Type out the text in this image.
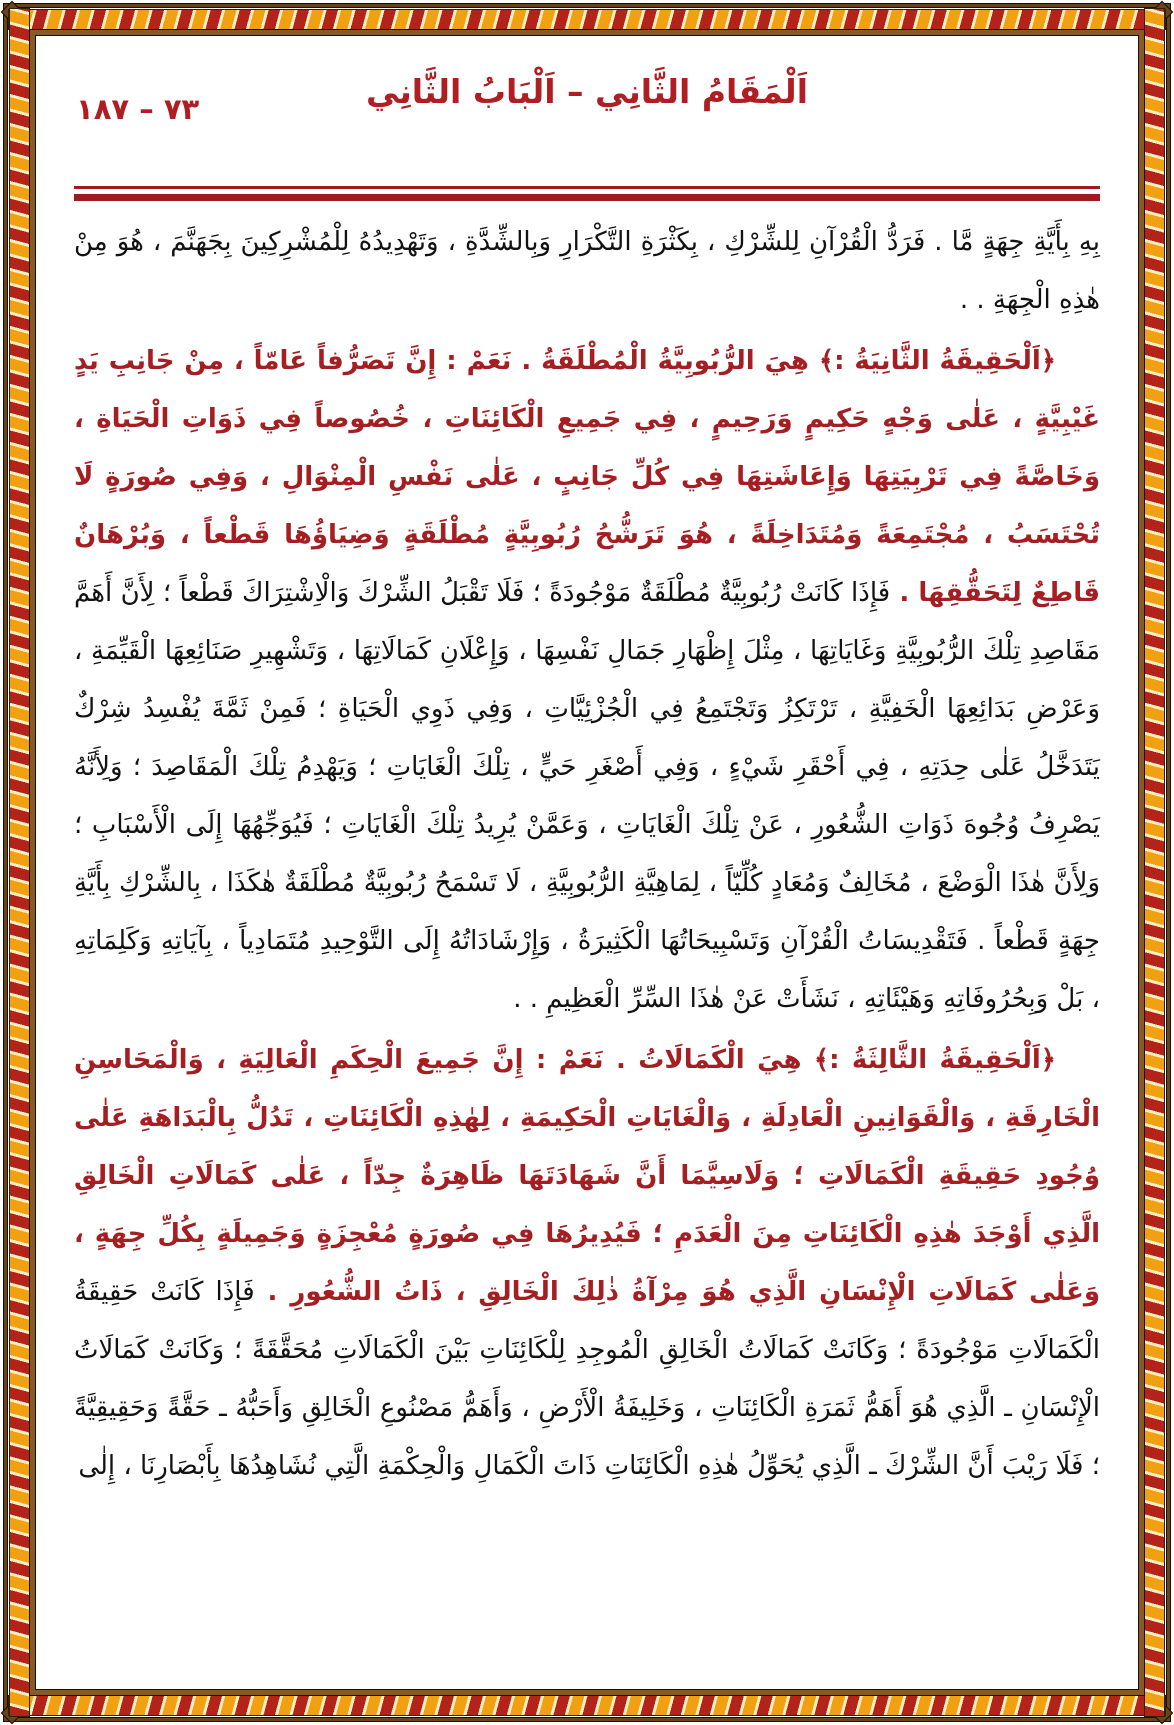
٧٣ – ١٨٧	اَلْمَقَامُ الثَّانِي – اَلْبَابُ الثَّانِي

بِهِ بِأَيَّةِ جِهَةٍ مَّا . فَرَدُّ الْقُرْآنِ لِلشِّرْكِ ، بِكَثْرَةِ التَّكْرَارِ وَبِالشِّدَّةِ ، وَتَهْدِيدُهُ لِلْمُشْرِكِينَ بِجَهَنَّمَ ، هُوَ مِنْ هٰذِهِ الْجِهَةِ . .

﴿اَلْحَقِيقَةُ الثَّانِيَةُ :﴾ هِيَ الرُّبُوبِيَّةُ الْمُطْلَقَةُ . نَعَمْ : إِنَّ تَصَرُّفاً عَامّاً ، مِنْ جَانِبِ يَدٍ غَيْبِيَّةٍ ، عَلٰى وَجْهٍ حَكِيمٍ وَرَحِيمٍ ، فِي جَمِيعِ الْكَائِنَاتِ ، خُصُوصاً فِي ذَوَاتِ الْحَيَاةِ ، وَخَاصَّةً فِي تَرْبِيَتِهَا وَإِعَاشَتِهَا فِي كُلِّ جَانِبٍ ، عَلٰى نَفْسِ الْمِنْوَالِ ، وَفِي صُورَةٍ لَا تُحْتَسَبُ ، مُجْتَمِعَةً وَمُتَدَاخِلَةً ، هُوَ تَرَشُّحُ رُبُوبِيَّةٍ مُطْلَقَةٍ وَضِيَاؤُهَا قَطْعاً ، وَبُرْهَانٌ قَاطِعٌ لِتَحَقُّقِهَا . فَإِذَا كَانَتْ رُبُوبِيَّةٌ مُطْلَقَةٌ مَوْجُودَةً ؛ فَلَا تَقْبَلُ الشِّرْكَ وَالْاِشْتِرَاكَ قَطْعاً ؛ لِأَنَّ أَهَمَّ مَقَاصِدِ تِلْكَ الرُّبُوبِيَّةِ وَغَايَاتِهَا ، مِثْلَ إِظْهَارِ جَمَالِ نَفْسِهَا ، وَإِعْلَانِ كَمَالَاتِهَا ، وَتَشْهِيرِ صَنَائِعِهَا الْقَيِّمَةِ ، وَعَرْضِ بَدَائِعِهَا الْخَفِيَّةِ ، تَرْتَكِزُ وَتَجْتَمِعُ فِي الْجُزْئِيَّاتِ ، وَفِي ذَوِي الْحَيَاةِ ؛ فَمِنْ ثَمَّةَ يُفْسِدُ شِرْكٌ يَتَدَخَّلُ عَلٰى حِدَتِهِ ، فِي أَحْقَرِ شَيْءٍ ، وَفِي أَصْغَرِ حَيٍّ ، تِلْكَ الْغَايَاتِ ؛ وَيَهْدِمُ تِلْكَ الْمَقَاصِدَ ؛ وَلِأَنَّهُ يَصْرِفُ وُجُوهَ ذَوَاتِ الشُّعُورِ ، عَنْ تِلْكَ الْغَايَاتِ ، وَعَمَّنْ يُرِيدُ تِلْكَ الْغَايَاتِ ؛ فَيُوَجِّهُهَا إِلَى الْأَسْبَابِ ؛ وَلِأَنَّ هٰذَا الْوَضْعَ ، مُخَالِفٌ وَمُعَادٍ كُلِّيّاً ، لِمَاهِيَّةِ الرُّبُوبِيَّةِ ، لَا تَسْمَحُ رُبُوبِيَّةٌ مُطْلَقَةٌ هٰكَذَا ، بِالشِّرْكِ بِأَيَّةِ جِهَةٍ قَطْعاً . فَتَقْدِيسَاتُ الْقُرْآنِ وَتَسْبِيحَاتُهَا الْكَثِيرَةُ ، وَإِرْشَادَاتُهُ إِلَى التَّوْحِيدِ مُتَمَادِياً ، بِآيَاتِهِ وَكَلِمَاتِهِ ، بَلْ وَبِحُرُوفَاتِهِ وَهَيْئَاتِهِ ، نَشَأَتْ عَنْ هٰذَا السِّرِّ الْعَظِيمِ . .

﴿اَلْحَقِيقَةُ الثَّالِثَةُ :﴾ هِيَ الْكَمَالَاتُ . نَعَمْ : إِنَّ جَمِيعَ الْحِكَمِ الْعَالِيَةِ ، وَالْمَحَاسِنِ الْخَارِقَةِ ، وَالْقَوَانِينِ الْعَادِلَةِ ، وَالْغَايَاتِ الْحَكِيمَةِ ، لِهٰذِهِ الْكَائِنَاتِ ، تَدُلُّ بِالْبَدَاهَةِ عَلٰى وُجُودِ حَقِيقَةِ الْكَمَالَاتِ ؛ وَلَاسِيَّمَا أَنَّ شَهَادَتَهَا ظَاهِرَةٌ جِدّاً ، عَلٰى كَمَالَاتِ الْخَالِقِ الَّذِي أَوْجَدَ هٰذِهِ الْكَائِنَاتِ مِنَ الْعَدَمِ ؛ فَيُدِيرُهَا فِي صُورَةٍ مُعْجِزَةٍ وَجَمِيلَةٍ بِكُلِّ جِهَةٍ ، وَعَلٰى كَمَالَاتِ الْإِنْسَانِ الَّذِي هُوَ مِرْآةُ ذٰلِكَ الْخَالِقِ ، ذَاتُ الشُّعُورِ . فَإِذَا كَانَتْ حَقِيقَةُ الْكَمَالَاتِ مَوْجُودَةً ؛ وَكَانَتْ كَمَالَاتُ الْخَالِقِ الْمُوجِدِ لِلْكَائِنَاتِ بَيْنَ الْكَمَالَاتِ مُحَقَّقَةً ؛ وَكَانَتْ كَمَالَاتُ الْإِنْسَانِ ـ الَّذِي هُوَ أَهَمُّ ثَمَرَةِ الْكَائِنَاتِ ، وَخَلِيفَةُ الْأَرْضِ ، وَأَهَمُّ مَصْنُوعِ الْخَالِقِ وَأَحَبُّهُ ـ حَقَّةً وَحَقِيقِيَّةً ؛ فَلَا رَيْبَ أَنَّ الشِّرْكَ ـ الَّذِي يُحَوِّلُ هٰذِهِ الْكَائِنَاتِ ذَاتَ الْكَمَالِ وَالْحِكْمَةِ الَّتِي نُشَاهِدُهَا بِأَبْصَارِنَا ، إِلٰى
